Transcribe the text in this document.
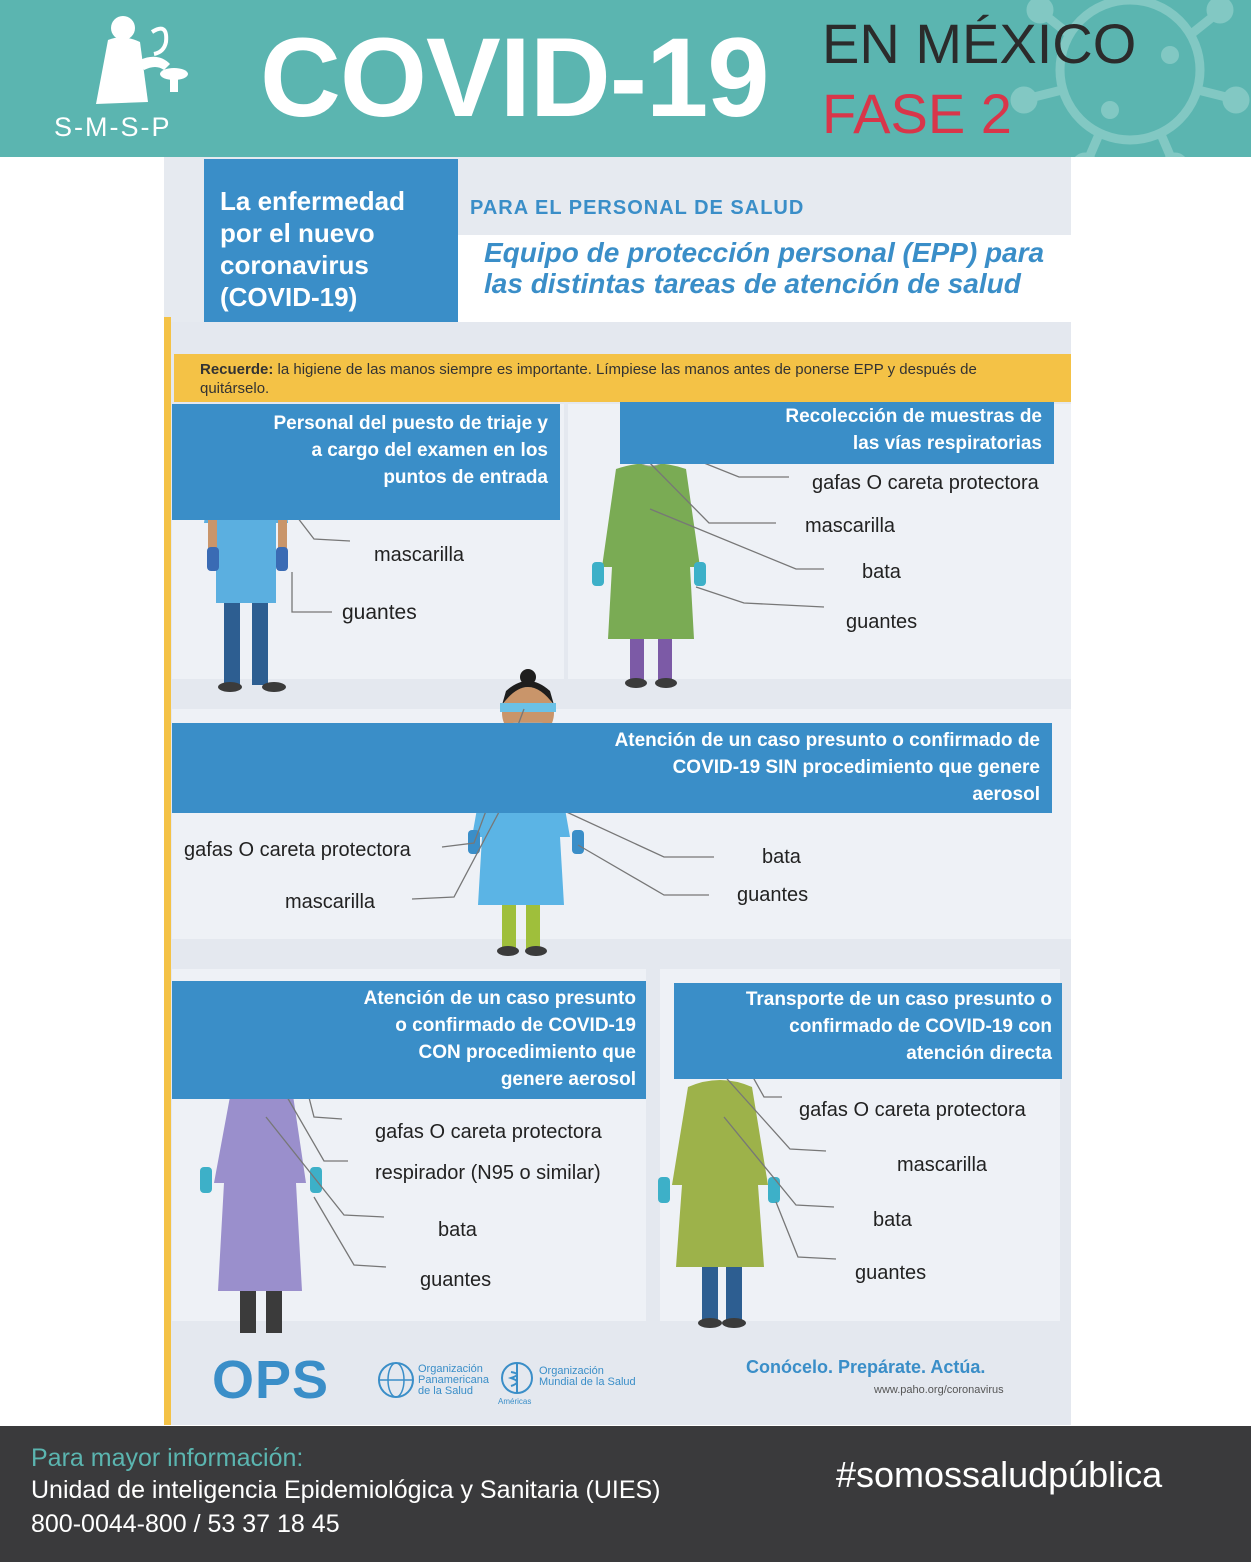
S-M-S-P COVID-19 EN MÉXICO
FASE 2
La enfermedad por el nuevo coronavirus (COVID-19)
PARA EL PERSONAL DE SALUD
Equipo de protección personal (EPP) para las distintas tareas de atención de salud
Recuerde: la higiene de las manos siempre es importante. Límpiese las manos antes de ponerse EPP y después de quitárselo.
Personal del puesto de triaje y a cargo del examen en los puntos de entrada
Recolección de muestras de las vías respiratorias
Atención de un caso presunto o confirmado de COVID-19 SIN procedimiento que genere aerosol
Atención de un caso presunto o confirmado de COVID-19 CON procedimiento que genere aerosol
Transporte de un caso presunto o confirmado de COVID-19 con atención directa
mascarilla
guantes
gafas O careta protectora
mascarilla
bata
guantes
gafas O careta protectora
mascarilla
bata
guantes
gafas O careta protectora
respirador (N95 o similar)
bata
guantes
gafas O careta protectora
mascarilla
bata
guantes
OPS	Organización Panamericana de la Salud
Organización Mundial de la Salud
Américas
Conócelo. Prepárate. Actúa.
www.paho.org/coronavirus
Para mayor información:
Unidad de inteligencia Epidemiológica y Sanitaria (UIES)
800-0044-800 / 53 37 18 45
#somossaludpública
